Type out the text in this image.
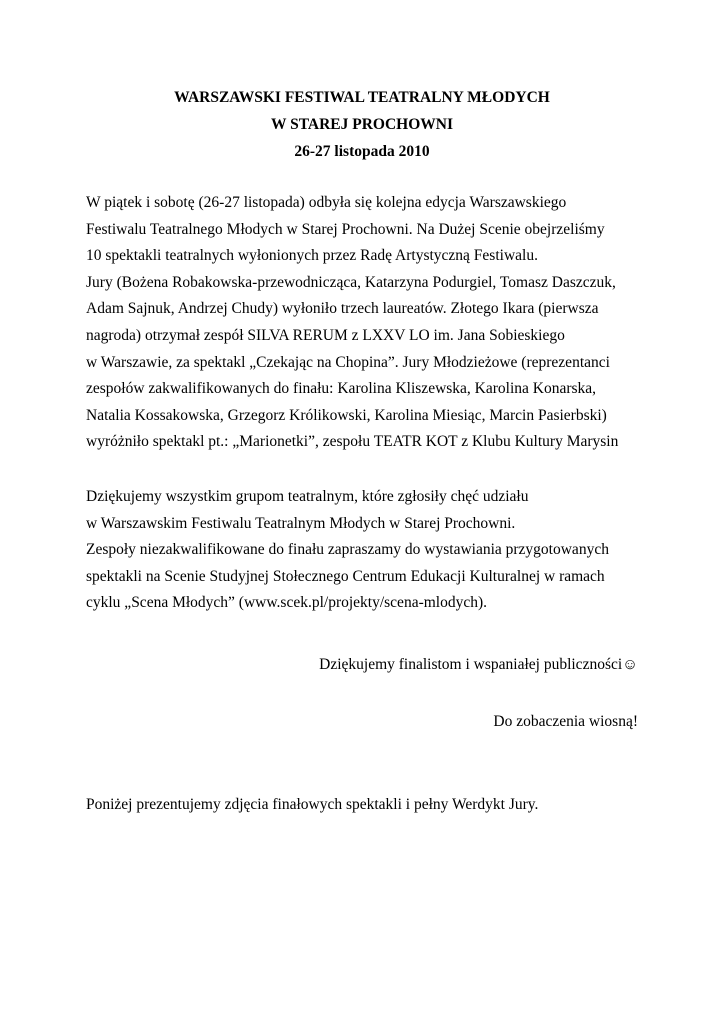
WARSZAWSKI FESTIWAL TEATRALNY MŁODYCH
W STAREJ PROCHOWNI
26-27 listopada 2010
W piątek i sobotę (26-27 listopada) odbyła się kolejna edycja Warszawskiego
Festiwalu Teatralnego Młodych w Starej Prochowni. Na Dużej Scenie obejrzeliśmy
10 spektakli teatralnych wyłonionych przez Radę Artystyczną Festiwalu.
Jury (Bożena Robakowska-przewodnicząca, Katarzyna Podurgiel, Tomasz Daszczuk,
Adam Sajnuk, Andrzej Chudy) wyłoniło trzech laureatów. Złotego Ikara (pierwsza
nagroda) otrzymał zespół SILVA RERUM z LXXV LO im. Jana Sobieskiego
w Warszawie, za spektakl „Czekając na Chopina”. Jury Młodzieżowe (reprezentanci
zespołów zakwalifikowanych do finału: Karolina Kliszewska, Karolina Konarska,
Natalia Kossakowska, Grzegorz Królikowski, Karolina Miesiąc, Marcin Pasierbski)
wyróżniło spektakl pt.: „Marionetki”, zespołu TEATR KOT z Klubu Kultury Marysin
Dziękujemy wszystkim grupom teatralnym, które zgłosiły chęć udziału
w Warszawskim Festiwalu Teatralnym Młodych w Starej Prochowni.
Zespoły niezakwalifikowane do finału zapraszamy do wystawiania przygotowanych
spektakli na Scenie Studyjnej Stołecznego Centrum Edukacji Kulturalnej w ramach
cyklu „Scena Młodych” (www.scek.pl/projekty/scena-mlodych).
Dziękujemy finalistom i wspaniałej publiczności☺
Do zobaczenia wiosną!
Poniżej prezentujemy zdjęcia finałowych spektakli i pełny Werdykt Jury.
